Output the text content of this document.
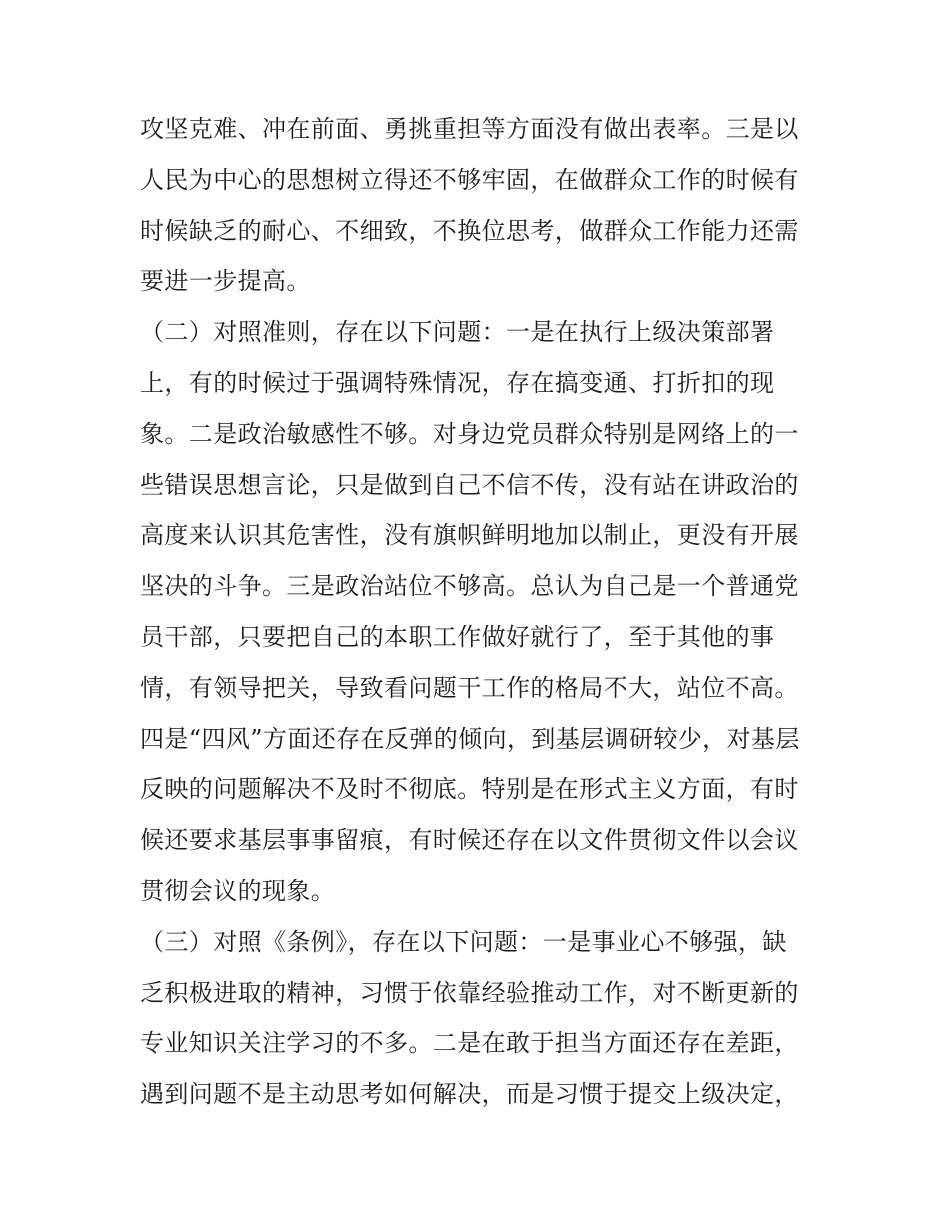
攻坚克难、冲在前面、勇挑重担等方面没有做出表率。三是以
人民为中心的思想树立得还不够牢固，在做群众工作的时候有
时候缺乏的耐心、不细致，不换位思考，做群众工作能力还需
要进一步提高。
（二）对照准则，存在以下问题：一是在执行上级决策部署
上，有的时候过于强调特殊情况，存在搞变通、打折扣的现
象。二是政治敏感性不够。对身边党员群众特别是网络上的一
些错误思想言论，只是做到自己不信不传，没有站在讲政治的
高度来认识其危害性，没有旗帜鲜明地加以制止，更没有开展
坚决的斗争。三是政治站位不够高。总认为自己是一个普通党
员干部，只要把自己的本职工作做好就行了，至于其他的事
情，有领导把关，导致看问题干工作的格局不大，站位不高。
四是“四风”方面还存在反弹的倾向，到基层调研较少，对基层
反映的问题解决不及时不彻底。特别是在形式主义方面，有时
候还要求基层事事留痕，有时候还存在以文件贯彻文件以会议
贯彻会议的现象。
（三）对照《条例》，存在以下问题：一是事业心不够强，缺
乏积极进取的精神，习惯于依靠经验推动工作，对不断更新的
专业知识关注学习的不多。二是在敢于担当方面还存在差距，
遇到问题不是主动思考如何解决，而是习惯于提交上级决定，
